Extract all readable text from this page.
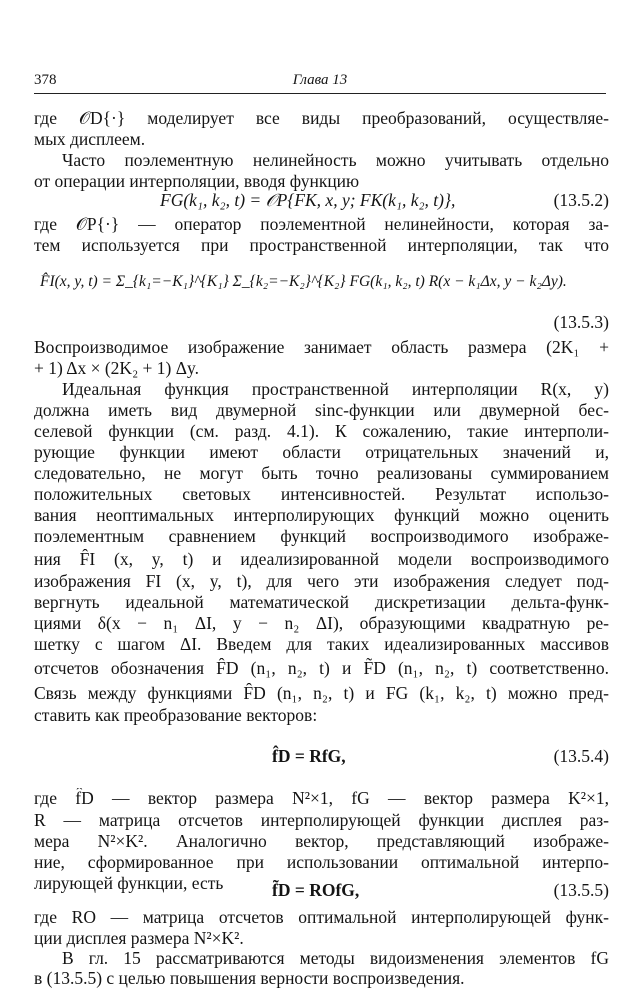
378	Глава 13
где 𝒪D{·} моделирует все виды преобразований, осуществляе-
мых дисплеем.
Часто поэлементную нелинейность можно учитывать отдельно
от операции интерполяции, вводя функцию
FG(k₁, k₂, t) = 𝒪P{FK, x, y; FK(k₁, k₂, t)},	(13.5.2)
где 𝒪P{·} — оператор поэлементной нелинейности, которая за-
тем используется при пространственной интерполяции, так что
F̂I(x, y, t) = Σ_{k₁=−K₁}^{K₁} Σ_{k₂=−K₂}^{K₂} FG(k₁, k₂, t) R(x − k₁Δx, y − k₂Δy).
(13.5.3)
Воспроизводимое изображение занимает область размера (2K₁ +
+ 1) Δx × (2K₂ + 1) Δy.
Идеальная функция пространственной интерполяции R(x, y)
должна иметь вид двумерной sinc-функции или двумерной бес-
селевой функции (см. разд. 4.1). К сожалению, такие интерполи-
рующие функции имеют области отрицательных значений и,
следовательно, не могут быть точно реализованы суммированием
положительных световых интенсивностей. Результат использо-
вания неоптимальных интерполирующих функций можно оценить
поэлементным сравнением функций воспроизводимого изображе-
ния F̂I (x, y, t) и идеализированной модели воспроизводимого
изображения FI (x, y, t), для чего эти изображения следует под-
вергнуть идеальной математической дискретизации дельта-функ-
циями δ(x − n₁ ΔI, y − n₂ ΔI), образующими квадратную ре-
шетку с шагом ΔI. Введем для таких идеализированных массивов
отсчетов обозначения F̂D (n₁, n₂, t) и F̃D (n₁, n₂, t) соответственно.
Связь между функциями F̂D (n₁, n₂, t) и FG (k₁, k₂, t) можно пред-
ставить как преобразование векторов:
f̂D = RfG,	(13.5.4)
где f̂D — вектор размера N²×1, fG — вектор размера K²×1,
R — матрица отсчетов интерполирующей функции дисплея раз-
мера N²×K². Аналогично вектор, представляющий изображе-
ние, сформированное при использовании оптимальной интерпо-
лирующей функции, есть	f̃D = ROfG,	(13.5.5)
где RO — матрица отсчетов оптимальной интерполирующей функ-
ции дисплея размера N²×K².
В гл. 15 рассматриваются методы видоизменения элементов fG
в (13.5.5) с целью повышения верности воспроизведения.
